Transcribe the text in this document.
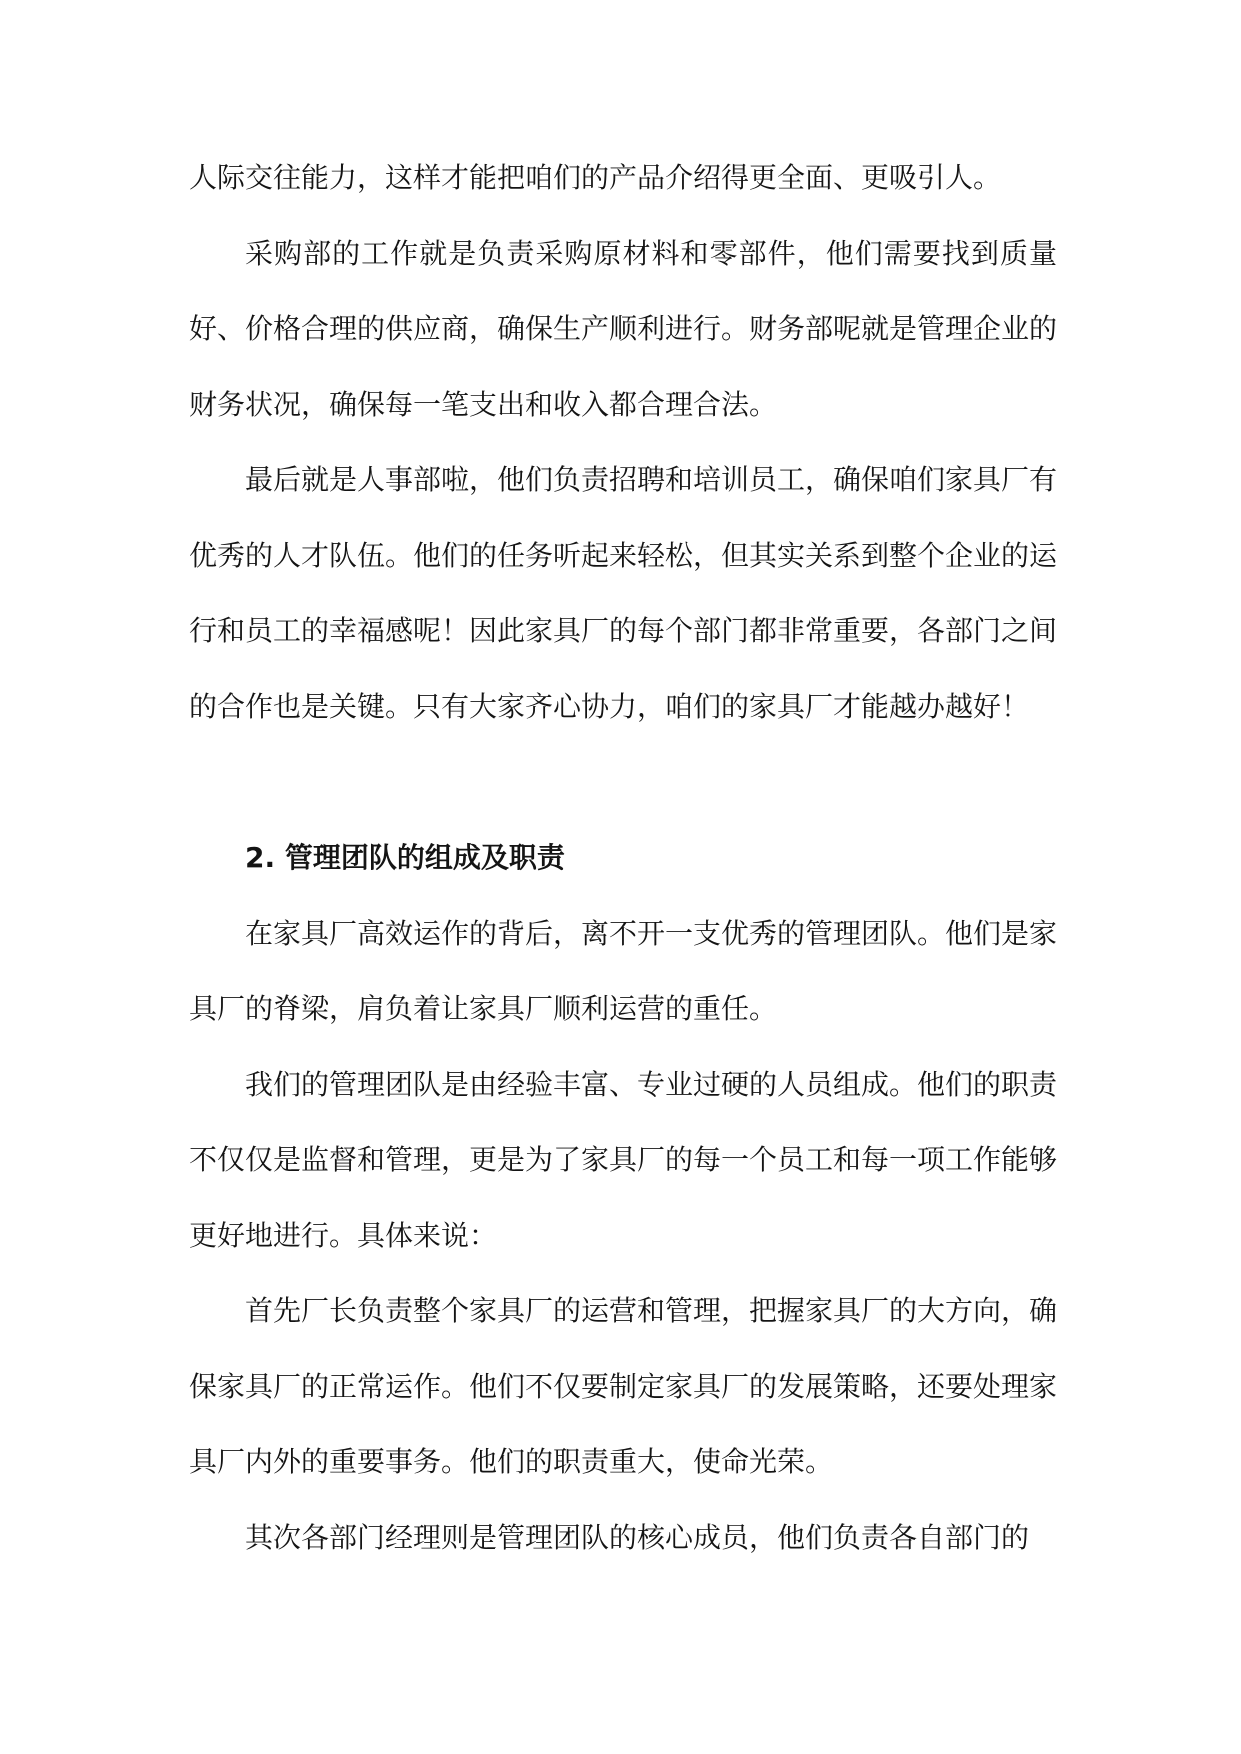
人际交往能力，这样才能把咱们的产品介绍得更全面、更吸引人。

采购部的工作就是负责采购原材料和零部件，他们需要找到质量好、价格合理的供应商，确保生产顺利进行。财务部呢就是管理企业的财务状况，确保每一笔支出和收入都合理合法。

最后就是人事部啦，他们负责招聘和培训员工，确保咱们家具厂有优秀的人才队伍。他们的任务听起来轻松，但其实关系到整个企业的运行和员工的幸福感呢！因此家具厂的每个部门都非常重要，各部门之间的合作也是关键。只有大家齐心协力，咱们的家具厂才能越办越好！

2. 管理团队的组成及职责

在家具厂高效运作的背后，离不开一支优秀的管理团队。他们是家具厂的脊梁，肩负着让家具厂顺利运营的重任。

我们的管理团队是由经验丰富、专业过硬的人员组成。他们的职责不仅仅是监督和管理，更是为了家具厂的每一个员工和每一项工作能够更好地进行。具体来说：

首先厂长负责整个家具厂的运营和管理，把握家具厂的大方向，确保家具厂的正常运作。他们不仅要制定家具厂的发展策略，还要处理家具厂内外的重要事务。他们的职责重大，使命光荣。

其次各部门经理则是管理团队的核心成员，他们负责各自部门的
